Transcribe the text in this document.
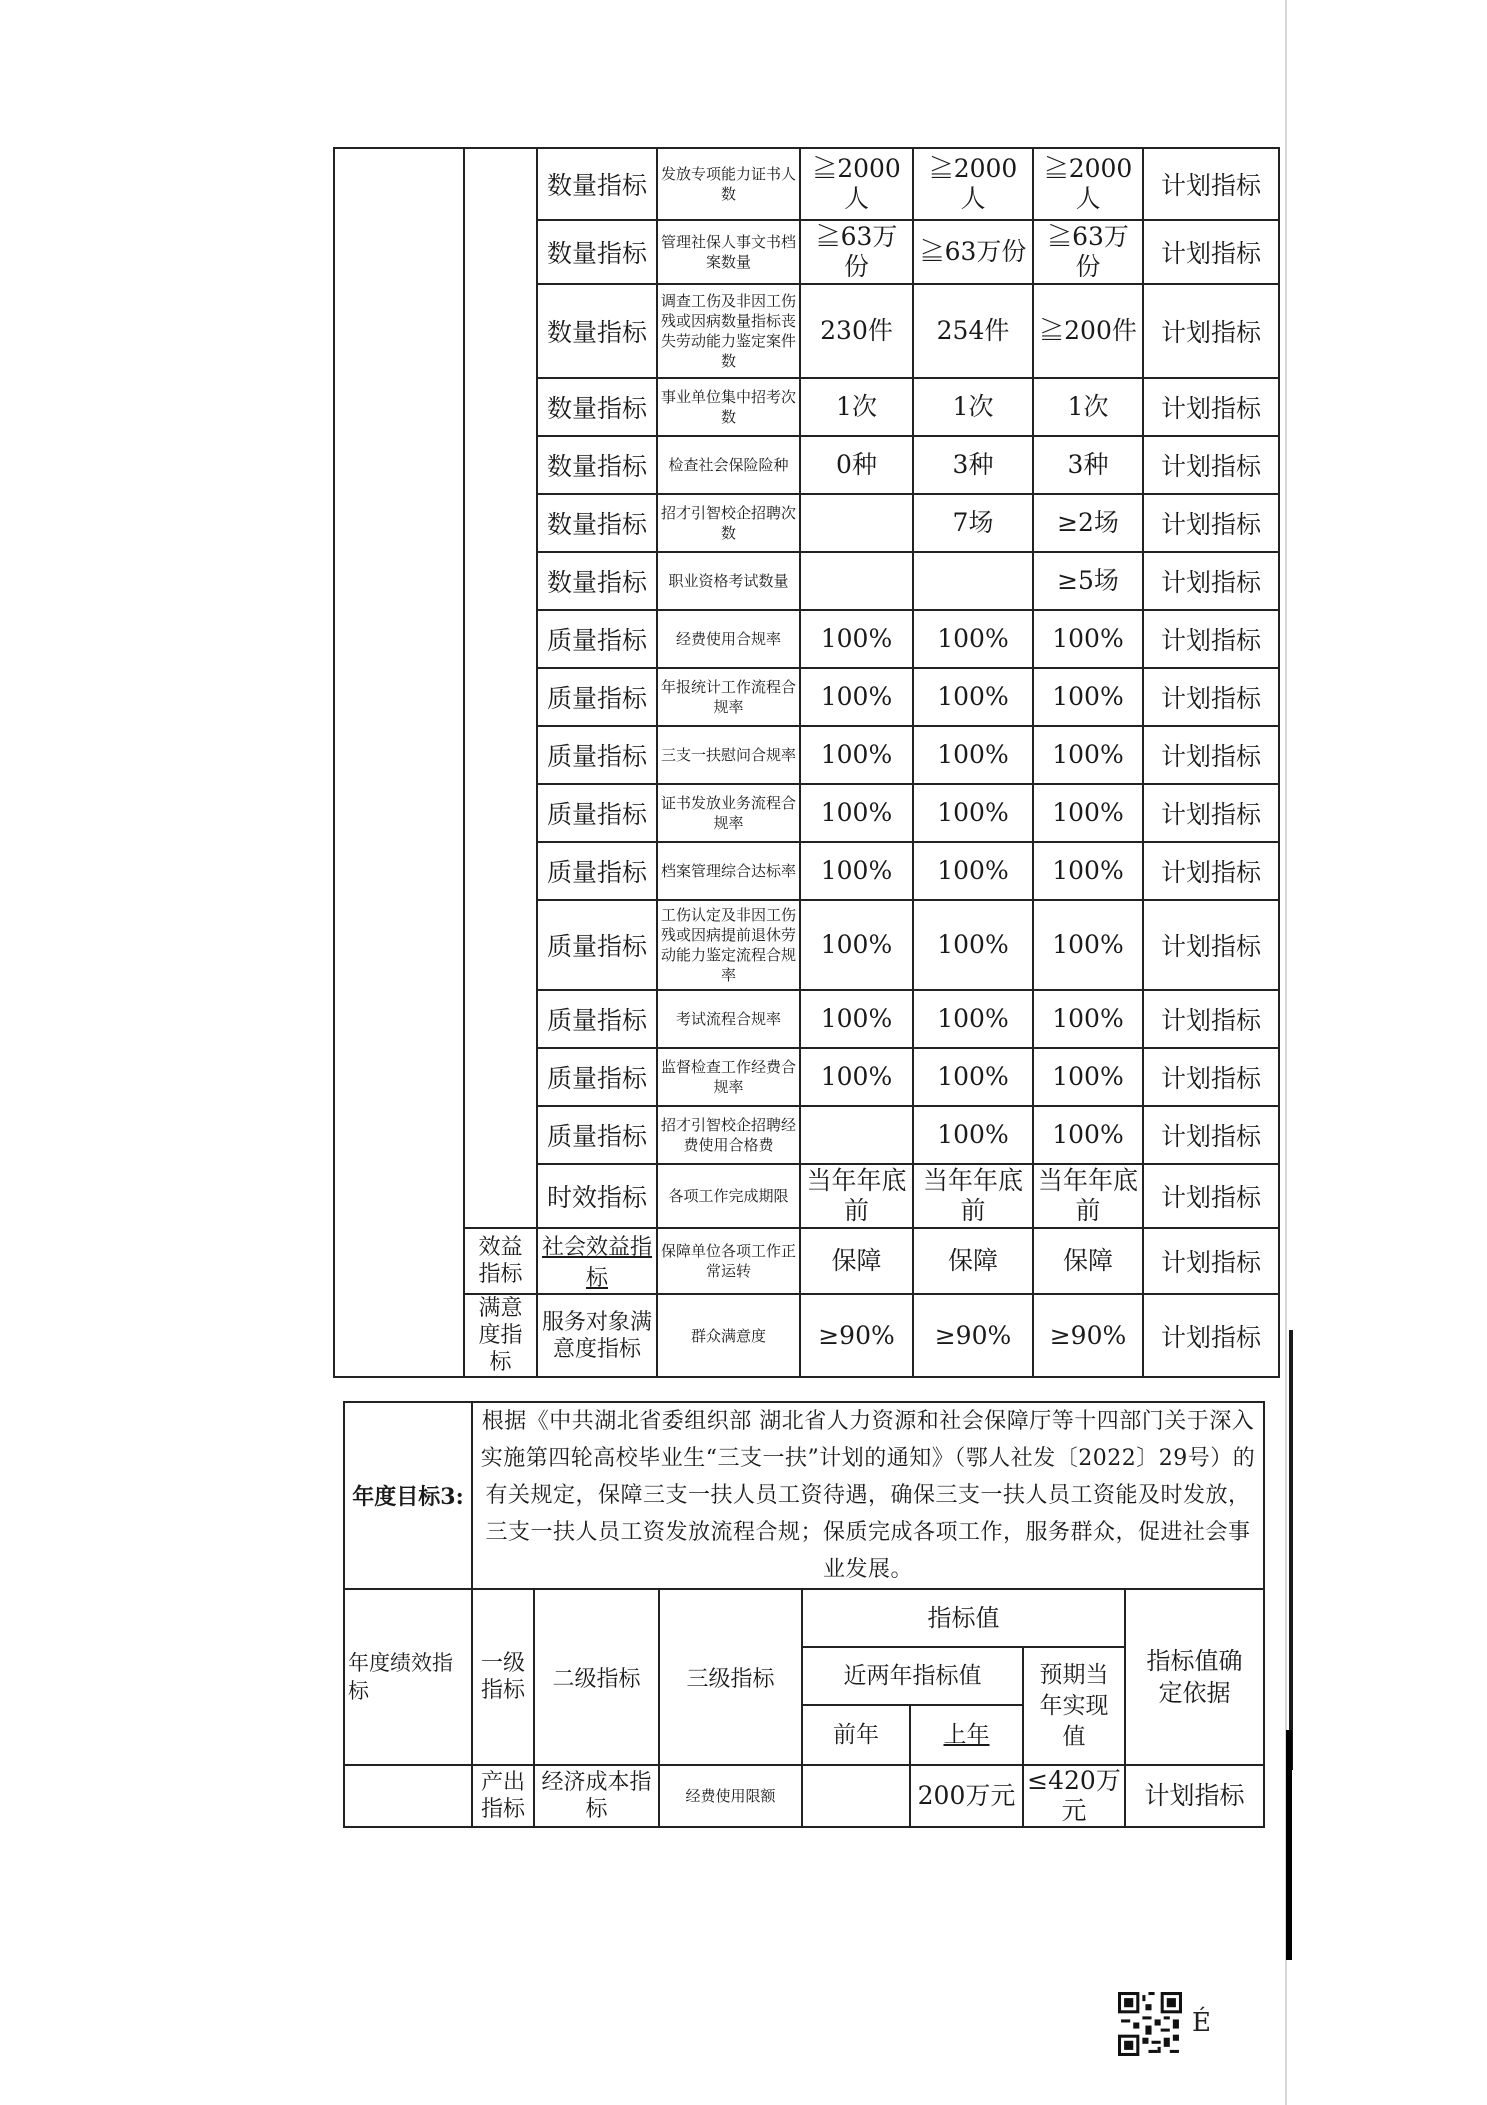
		数量指标	发放专项能力证书人数	≧2000人	≧2000人	≧2000人	计划指标
		数量指标	管理社保人事文书档案数量	≧63万份	≧63万份	≧63万份	计划指标
		数量指标	调查工伤及非因工伤残或因病数量指标丧失劳动能力鉴定案件数	230件	254件	≧200件	计划指标
		数量指标	事业单位集中招考次数	1次	1次	1次	计划指标
		数量指标	检查社会保险险种	0种	3种	3种	计划指标
		数量指标	招才引智校企招聘次数		7场	≥2场	计划指标
		数量指标	职业资格考试数量			≥5场	计划指标
		质量指标	经费使用合规率	100%	100%	100%	计划指标
		质量指标	年报统计工作流程合规率	100%	100%	100%	计划指标
		质量指标	三支一扶慰问合规率	100%	100%	100%	计划指标
		质量指标	证书发放业务流程合规率	100%	100%	100%	计划指标
		质量指标	档案管理综合达标率	100%	100%	100%	计划指标
		质量指标	工伤认定及非因工伤残或因病提前退休劳动能力鉴定流程合规率	100%	100%	100%	计划指标
		质量指标	考试流程合规率	100%	100%	100%	计划指标
		质量指标	监督检查工作经费合规率	100%	100%	100%	计划指标
		质量指标	招才引智校企招聘经费使用合格费		100%	100%	计划指标
		时效指标	各项工作完成期限	当年年底前	当年年底前	当年年底前	计划指标
	效益指标	社会效益指标	保障单位各项工作正常运转	保障	保障	保障	计划指标
	满意度指标	服务对象满意度指标	群众满意度	≥90%	≥90%	≥90%	计划指标
年度目标3:	根据《中共湖北省委组织部 湖北省人力资源和社会保障厅等十四部门关于深入实施第四轮高校毕业生“三支一扶”计划的通知》（鄂人社发〔2022〕29号）的有关规定，保障三支一扶人员工资待遇，确保三支一扶人员工资能及时发放，三支一扶人员工资发放流程合规；保质完成各项工作，服务群众，促进社会事业发展。						
年度绩效指标	一级指标	二级指标	三级指标	指标值			指标值确定依据
				近两年指标值		预期当年实现值	
				前年	上年		
	产出指标	经济成本指标	经费使用限额		200万元	≤420万元	计划指标
É
